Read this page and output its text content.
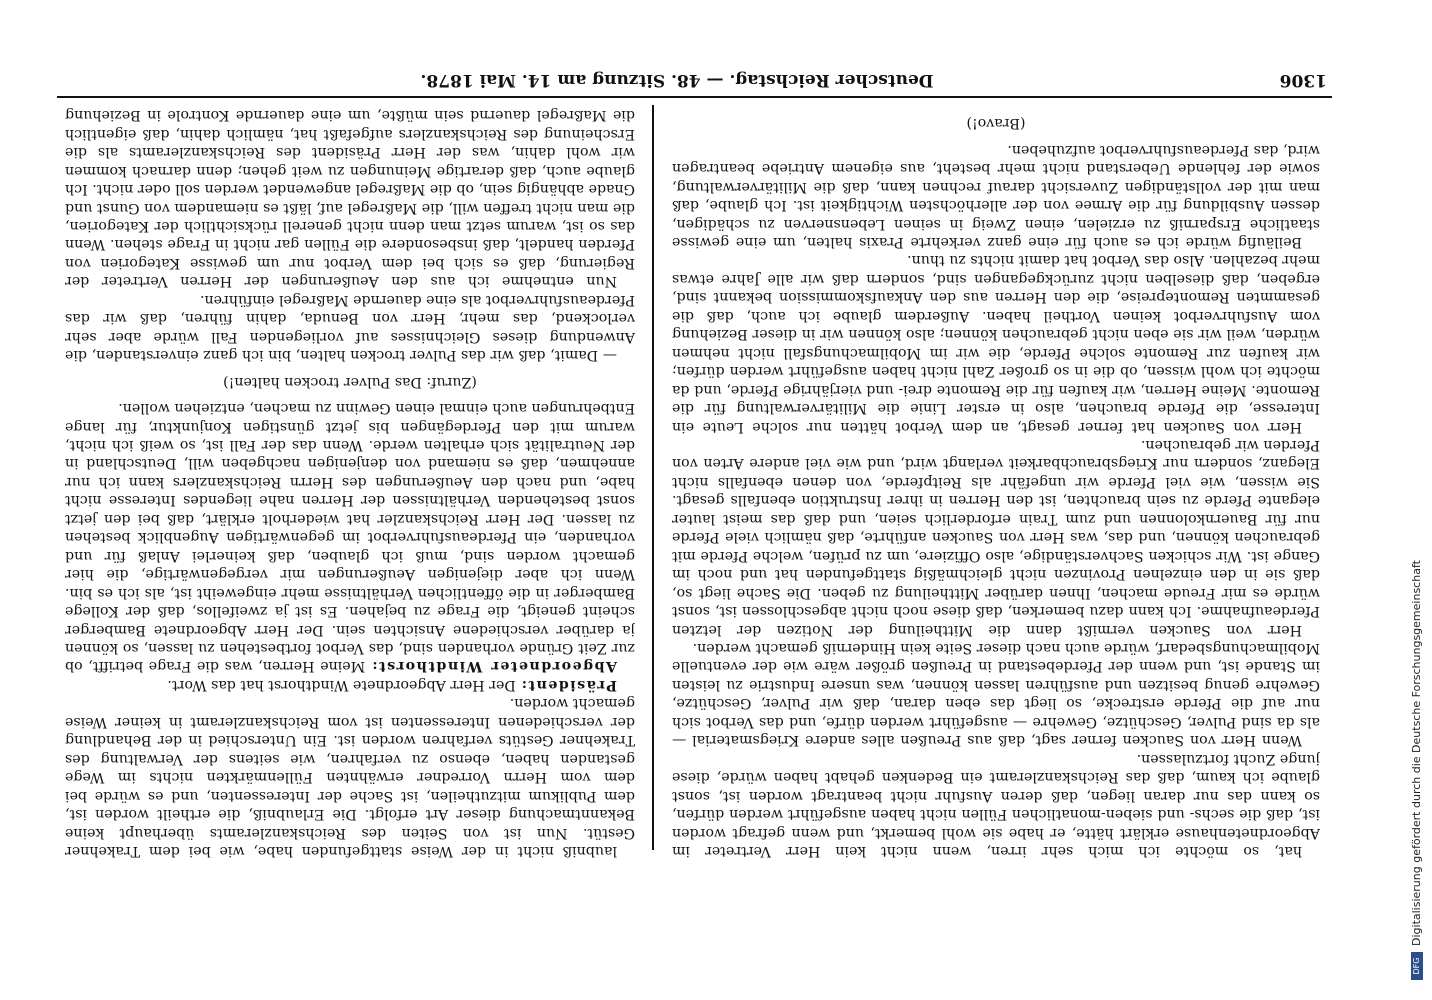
1306
Deutscher Reichstag. — 48. Sitzung am 14. Mai 1878.

hat, so möchte ich mich sehr irren, wenn nicht kein Herr Vertreter im Abgeordnetenhause erklärt hätte, er habe sie wohl bemerkt, und wenn gefragt worden ist, daß die sechs- und sieben-monatlichen Füllen nicht haben ausgeführt werden dürfen, so kann das nur daran liegen, daß deren Ausfuhr nicht beantragt worden ist, sonst glaube ich kaum, daß das Reichskanzleramt ein Bedenken gehabt haben würde, diese junge Zucht fortzulassen.

Wenn Herr von Saucken ferner sagt, daß aus Preußen alles andere Kriegsmaterial — als da sind Pulver, Geschütze, Gewehre — ausgeführt werden dürfe, und das Verbot sich nur auf die Pferde erstrecke, so liegt das eben daran, daß wir Pulver, Geschütze, Gewehre genug besitzen und ausführen lassen können, was unsere Industrie zu leisten im Stande ist, und wenn der Pferdebestand in Preußen größer wäre wie der eventuelle Mobilmachungsbedarf, würde auch nach dieser Seite kein Hinderniß gemacht werden.

Herr von Saucken vermißt dann die Mittheilung der Notizen der letzten Pferdeaufnahme. Ich kann dazu bemerken, daß diese noch nicht abgeschlossen ist, sonst würde es mir Freude machen, Ihnen darüber Mittheilung zu geben. Die Sache liegt so, daß sie in den einzelnen Provinzen nicht gleichmäßig stattgefunden hat und noch im Gange ist. Wir schicken Sachverständige, also Offiziere, um zu prüfen, welche Pferde mit gebrauchen können, und das, was Herr von Saucken anführte, daß nämlich viele Pferde nur für Bauernkolonnen und zum Train erforderlich seien, und daß das meist lauter elegante Pferde zu sein brauchten, ist den Herren in ihrer Instruktion ebenfalls gesagt. Sie wissen, wie viel Pferde wir ungefähr als Reitpferde, von denen ebenfalls nicht Eleganz, sondern nur Kriegsbrauchbarkeit verlangt wird, und wie viel andere Arten von Pferden wir gebrauchen.

Herr von Saucken hat ferner gesagt, an dem Verbot hätten nur solche Leute ein Interesse, die Pferde brauchen, also in erster Linie die Militärverwaltung für die Remonte. Meine Herren, wir kaufen für die Remonte drei- und vierjährige Pferde, und da möchte ich wohl wissen, ob die in so großer Zahl nicht haben ausgeführt werden dürfen; wir kaufen zur Remonte solche Pferde, die wir im Mobilmachungsfall nicht nehmen würden, weil wir sie eben nicht gebrauchen können; also können wir in dieser Beziehung vom Ausfuhrverbot keinen Vortheil haben. Außerdem glaube ich auch, daß die gesammten Remontepreise, die den Herren aus den Ankaufskommission bekannt sind, ergeben, daß dieselben nicht zurückgegangen sind, sondern daß wir alle Jahre etwas mehr bezahlen. Also das Verbot hat damit nichts zu thun.

Beiläufig würde ich es auch für eine ganz verkehrte Praxis halten, um eine gewisse staatliche Ersparniß zu erzielen, einen Zweig in seinen Lebensnerven zu schädigen, dessen Ausbildung für die Armee von der allerhöchsten Wichtigkeit ist. Ich glaube, daß man mit der vollständigen Zuversicht darauf rechnen kann, daß die Militärverwaltung, sowie der fehlende Ueberstand nicht mehr besteht, aus eigenem Antriebe beantragen wird, das Pferdeausfuhrverbot aufzuheben.

(Bravo!)

laubniß nicht in der Weise stattgefunden habe, wie bei dem Trakehner Gestüt. Nun ist von Seiten des Reichskanzleramts überhaupt keine Bekanntmachung dieser Art erfolgt. Die Erlaubniß, die ertheilt worden ist, dem Publikum mitzutheilen, ist Sache der Interessenten, und es würde bei dem vom Herrn Vorredner erwähnten Füllenmärkten nichts im Wege gestanden haben, ebenso zu verfahren, wie seitens der Verwaltung des Trakehner Gestüts verfahren worden ist. Ein Unterschied in der Behandlung der verschiedenen Interessenten ist vom Reichskanzleramt in keiner Weise gemacht worden.

Präsident: Der Herr Abgeordnete Windthorst hat das Wort.

Abgeordneter Windthorst: Meine Herren, was die Frage betrifft, ob zur Zeit Gründe vorhanden sind, das Verbot fortbestehen zu lassen, so können ja darüber verschiedene Ansichten sein. Der Herr Abgeordnete Bamberger scheint geneigt, die Frage zu bejahen. Es ist ja zweifellos, daß der Kollege Bamberger in die öffentlichen Verhältnisse mehr eingeweiht ist, als ich es bin. Wenn ich aber diejenigen Aeußerungen mir vergegenwärtige, die hier gemacht worden sind, muß ich glauben, daß keinerlei Anlaß für und vorhanden, ein Pferdeausfuhrverbot im gegenwärtigen Augenblick bestehen zu lassen. Der Herr Reichskanzler hat wiederholt erklärt, daß bei den jetzt sonst bestehenden Verhältnissen der Herren nahe liegendes Interesse nicht habe, und nach den Aeußerungen des Herrn Reichskanzlers kann ich nur annehmen, daß es niemand von denjenigen nachgeben will, Deutschland in der Neutralität sich erhalten werde. Wenn das der Fall ist, so weiß ich nicht, warum mit den Pferdegängen bis jetzt günstigen Konjunktur, für lange Entbehrungen auch einmal einen Gewinn zu machen, entziehen wollen.

(Zuruf: Das Pulver trocken halten!)

— Damit, daß wir das Pulver trocken halten, bin ich ganz einverstanden, die Anwendung dieses Gleichnisses auf vorliegenden Fall würde aber sehr verlockend, das mehr, Herr von Benuda, dahin führen, daß wir das Pferdeausfuhrverbot als eine dauernde Maßregel einführen.

Nun entnehme ich aus den Aeußerungen der Herren Vertreter der Regierung, daß es sich bei dem Verbot nur um gewisse Kategorien von Pferden handelt, daß insbesondere die Füllen gar nicht in Frage stehen. Wenn das so ist, warum setzt man denn nicht generell rücksichtlich der Kategorien, die man nicht treffen will, die Maßregel auf, läßt es niemandem von Gunst und Gnade abhängig sein, ob die Maßregel angewendet werden soll oder nicht. Ich glaube auch, daß derartige Meinungen zu weit gehen; denn darnach kommen wir wohl dahin, was der Herr Präsident des Reichskanzleramts als die Erscheinung des Reichskanzlers aufgefaßt hat, nämlich dahin, daß eigentlich die Maßregel dauernd sein müßte, um eine dauernde Kontrole in Beziehung

DFGDigitalisierung gefördert durch die Deutsche Forschungsgemeinschaft
